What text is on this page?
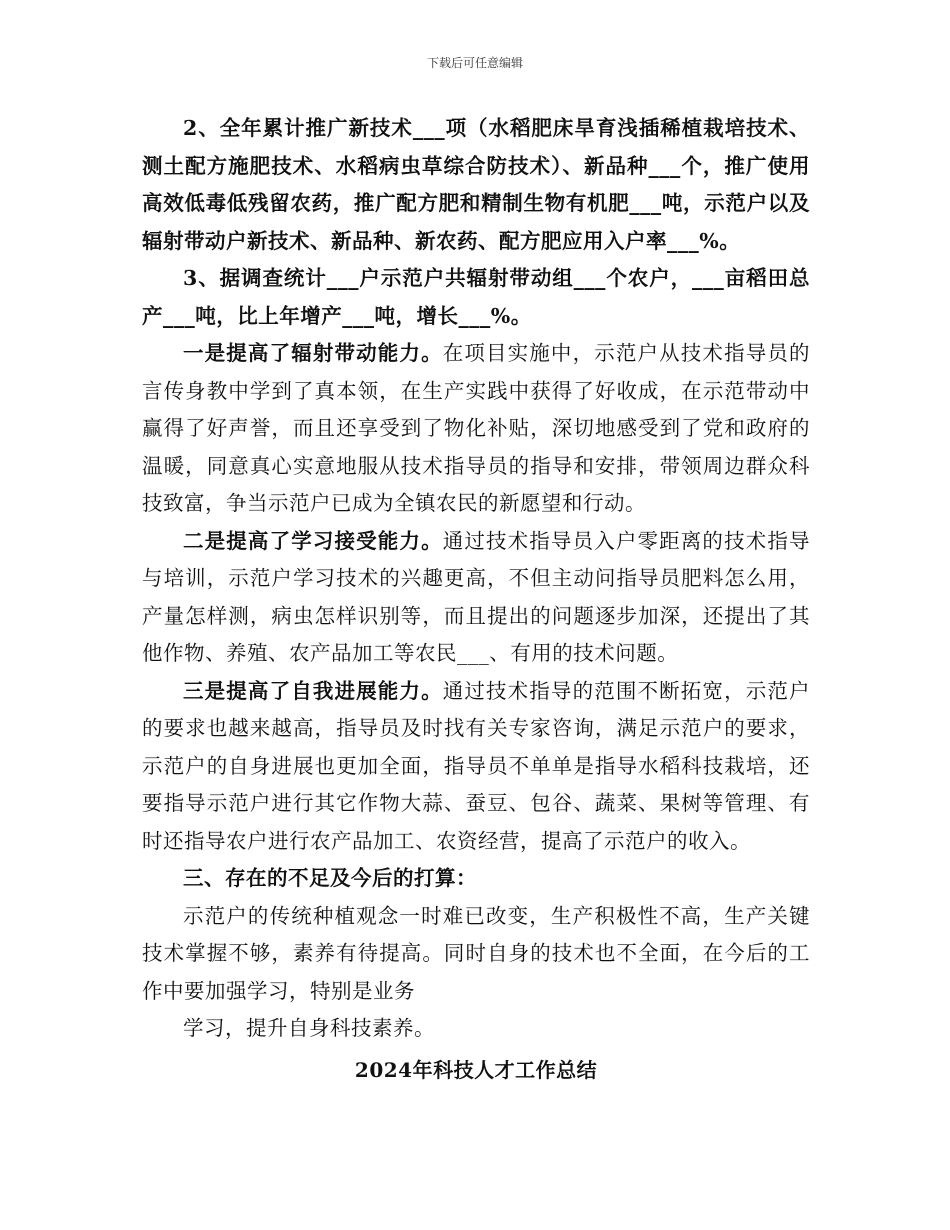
下载后可任意编辑

2、全年累计推广新技术___项（水稻肥床旱育浅插稀植栽培技术、测土配方施肥技术、水稻病虫草综合防技术）、新品种___个，推广使用高效低毒低残留农药，推广配方肥和精制生物有机肥___吨，示范户以及辐射带动户新技术、新品种、新农药、配方肥应用入户率___%。

3、据调查统计___户示范户共辐射带动组___个农户，___亩稻田总产___吨，比上年增产___吨，增长___%。

一是提高了辐射带动能力。在项目实施中，示范户从技术指导员的言传身教中学到了真本领，在生产实践中获得了好收成，在示范带动中赢得了好声誉，而且还享受到了物化补贴，深切地感受到了党和政府的温暖，同意真心实意地服从技术指导员的指导和安排，带领周边群众科技致富，争当示范户已成为全镇农民的新愿望和行动。

二是提高了学习接受能力。通过技术指导员入户零距离的技术指导与培训，示范户学习技术的兴趣更高，不但主动问指导员肥料怎么用，产量怎样测，病虫怎样识别等，而且提出的问题逐步加深，还提出了其他作物、养殖、农产品加工等农民___、有用的技术问题。

三是提高了自我进展能力。通过技术指导的范围不断拓宽，示范户的要求也越来越高，指导员及时找有关专家咨询，满足示范户的要求，示范户的自身进展也更加全面，指导员不单单是指导水稻科技栽培，还要指导示范户进行其它作物大蒜、蚕豆、包谷、蔬菜、果树等管理、有时还指导农户进行农产品加工、农资经营，提高了示范户的收入。

三、存在的不足及今后的打算：

示范户的传统种植观念一时难已改变，生产积极性不高，生产关键技术掌握不够，素养有待提高。同时自身的技术也不全面，在今后的工作中要加强学习，特别是业务

学习，提升自身科技素养。

2024年科技人才工作总结
